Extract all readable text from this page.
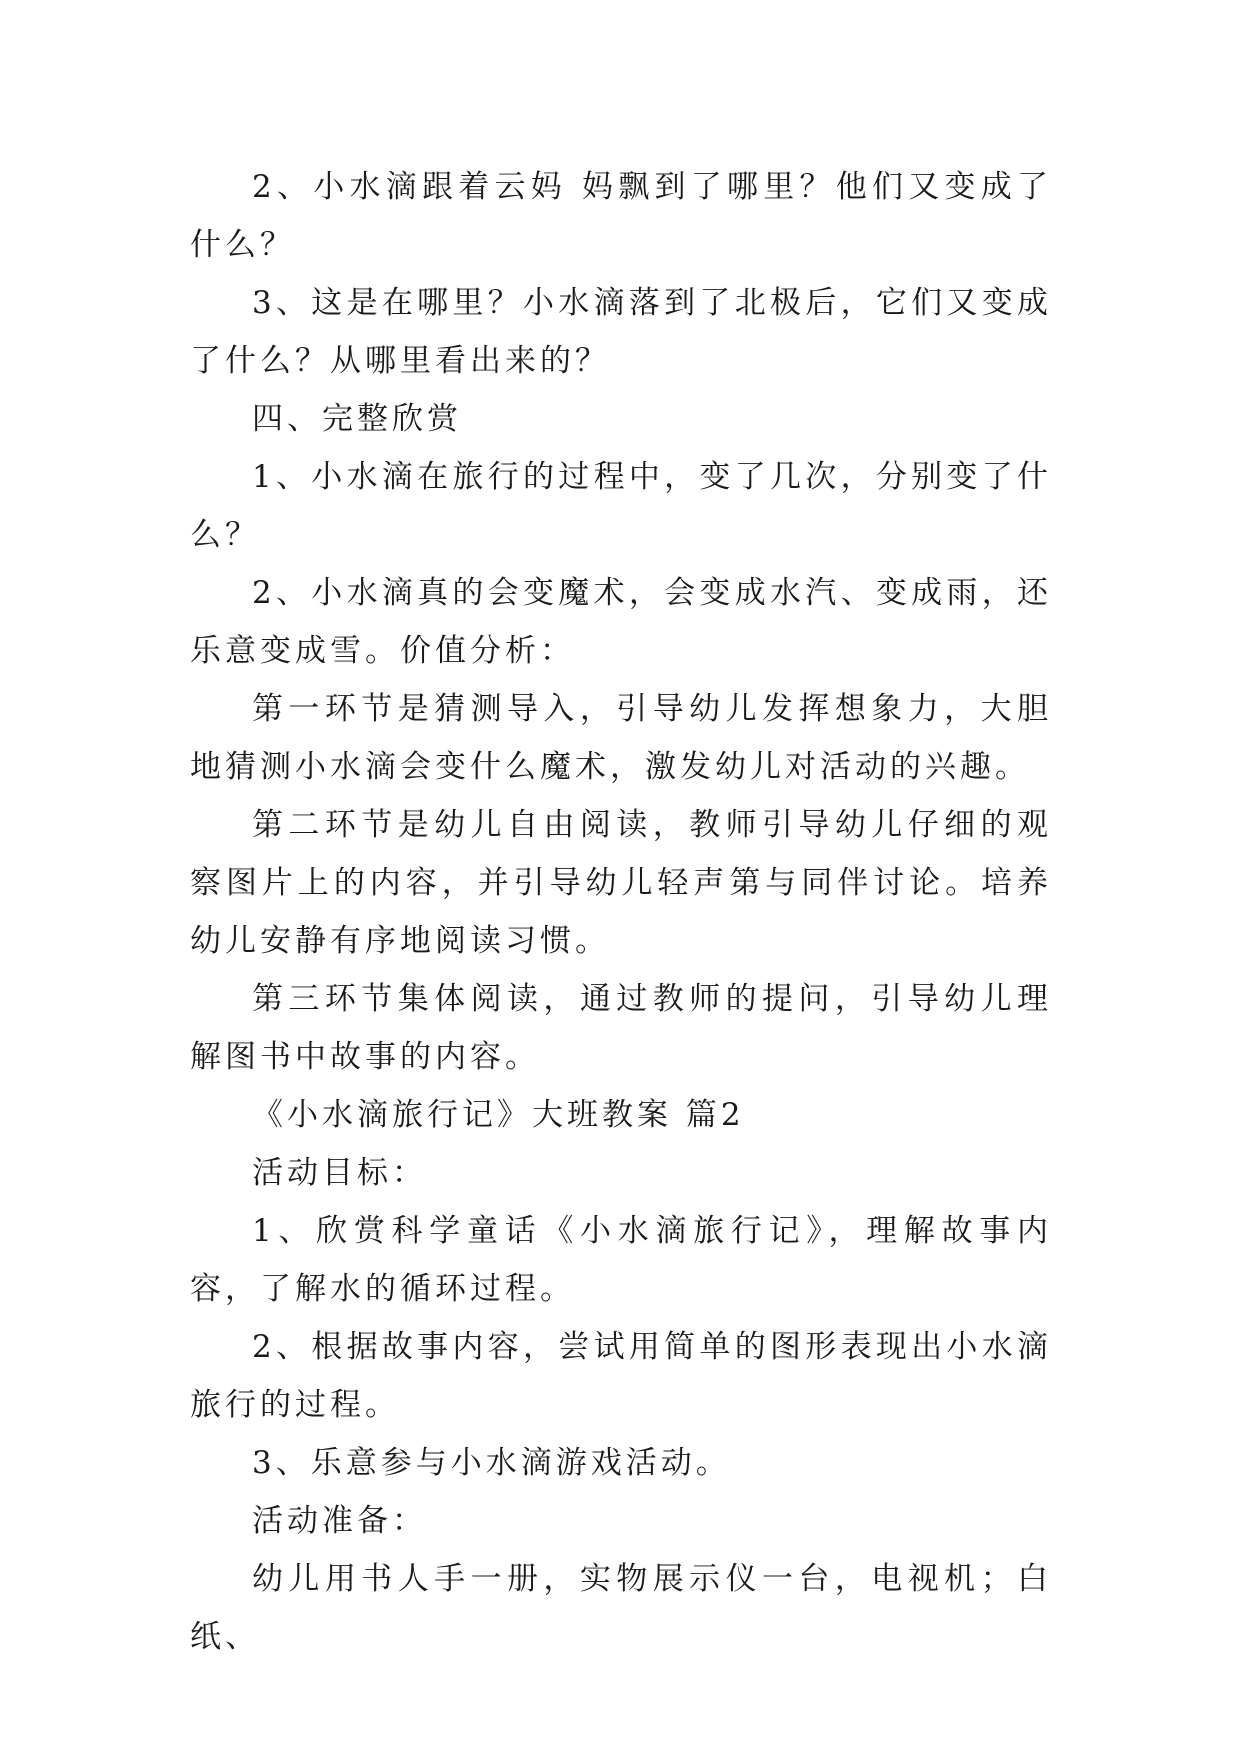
2、小水滴跟着云妈 妈飘到了哪里？他们又变成了什么？

3、这是在哪里？小水滴落到了北极后，它们又变成了什么？从哪里看出来的？

四、完整欣赏

1、小水滴在旅行的过程中，变了几次，分别变了什么？

2、小水滴真的会变魔术，会变成水汽、变成雨，还乐意变成雪。价值分析：

第一环节是猜测导入，引导幼儿发挥想象力，大胆地猜测小水滴会变什么魔术，激发幼儿对活动的兴趣。

第二环节是幼儿自由阅读，教师引导幼儿仔细的观察图片上的内容，并引导幼儿轻声第与同伴讨论。培养幼儿安静有序地阅读习惯。

第三环节集体阅读，通过教师的提问，引导幼儿理解图书中故事的内容。

《小水滴旅行记》大班教案 篇2

活动目标：

1、欣赏科学童话《小水滴旅行记》，理解故事内容，了解水的循环过程。

2、根据故事内容，尝试用简单的图形表现出小水滴旅行的过程。

3、乐意参与小水滴游戏活动。

活动准备：

幼儿用书人手一册，实物展示仪一台，电视机；白纸、
